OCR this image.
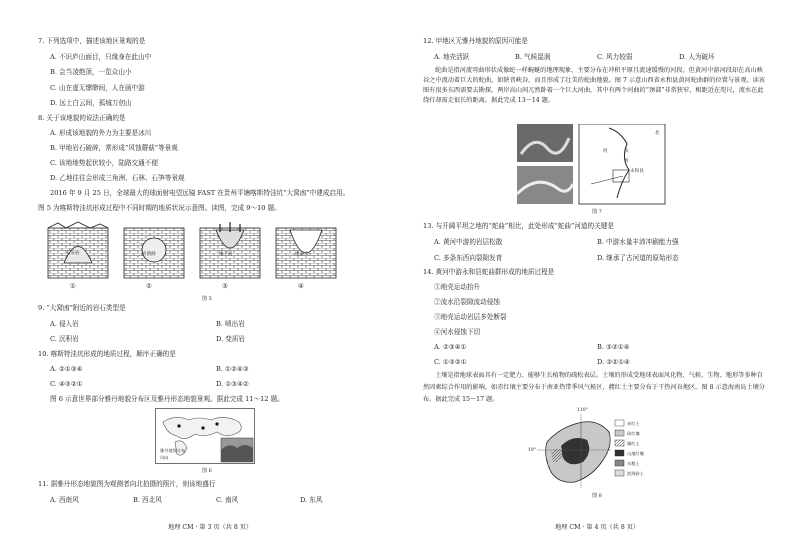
7. 下列选项中，描述该地区景观的是
A. 不识庐山面目，只缘身在此山中
B. 会当凌绝顶，一览众山小
C. 山在虚无缥缈间，人在画中游
D. 远上白云间，孤城万仞山
8. 关于该地貌的说法正确的是
A. 形成该地貌的外力为主要是冰川
B. 甲地岩石破碎，常形成“风蚀蘑菇”等景观
C. 该地地势起伏较小，陆路交通不便
D. 乙地往往会形成三角洲、石林、石笋等景观
2016 年 9 月 25 日，全球最大的球面射电望远镜 FAST 在贵州平塘喀斯特洼坑“大窝凼”中建成启用。
图 5 为喀斯特洼坑形成过程中不同时期的地质状况示意图。读图，完成 9～10 题。
①	②	③	④
石灰岩	岩溶洞	地下河	地表水
图 5
9. “大窝凼”附近的岩石类型是
A. 侵入岩	B. 喷出岩
C. 沉积岩	D. 变质岩
10. 喀斯特洼坑形成的地质过程，顺序正确的是
A. ②①③④	B. ①②④③
C. ④③②①	D. ①③④②
图 6 示意世界部分雅丹地貌分布区及雅丹形态地貌景观。据此完成 11～12 题。
雅丹地貌分布
风向
图 6
11. 据雅丹形态地貌图为观测者向北拍摄的照片，则该地盛行
A. 西南风	B. 西北风	C. 南风	D. 东风
地理 CM · 第 3 页（共 8 页）
12. 甲地区无雅丹地貌的原因可能是
A. 地壳活跃	B. 气候湿润	C. 风力较弱	D. 人为破坏
蛇曲是指河流弯曲形状成像蛇一样蜿蜒的地理现象，主要分布在冲积平原且流速缓慢的河段。但黄河中游河段却在高山峡谷之中流动着巨大的蛇曲，如陕晋峡谷，而且形成了壮美的蛇曲地貌。图 7 示意山西省永和县黄河蛇曲群的位置与景观。读该图有很多东西需要去勘探，两岸高山间兀然卧着一个巨大河曲，其中有两个河曲的“颈部”非常狭窄，相距近在咫尺，流水在此绕行却需走很长的距离。据此完成 13～14 题。
山
西
永和县
河
北
图 7
13. 与开阔平坦之地的“蛇曲”相比，此处形成“蛇曲”河道的关键是
A. 黄河中游的岩层松散	B. 中游水量丰沛冲刷能力强
C. 多条东西向裂隙发育	D. 继承了古河道的原始形态
14. 黄河中游永和县蛇曲群形成的地质过程是
①地壳运动抬升
②流水沿裂隙流动侵蚀
③地壳运动岩层多处断裂
④河水侵蚀下切
A. ②③④①	B. ③②①④
C. ①③②①	D. ③②①④
土壤是指地球表面具有一定肥力、能够生长植物的疏松表层。土壤的形成受地球表面风化物、气候、生物、地形等多种自然因素综合作用的影响，如赤红壤主要分布于南亚热带季风气候区，赭红土主要分布于干热河谷地区。图 8 示意海南岛土壤分布。据此完成 15～17 题。
赤红土
砖红壤
燥红土
山地红壤
水稻土
滨海砂土
110°
19°
图 8
地理 CM · 第 4 页（共 8 页）
